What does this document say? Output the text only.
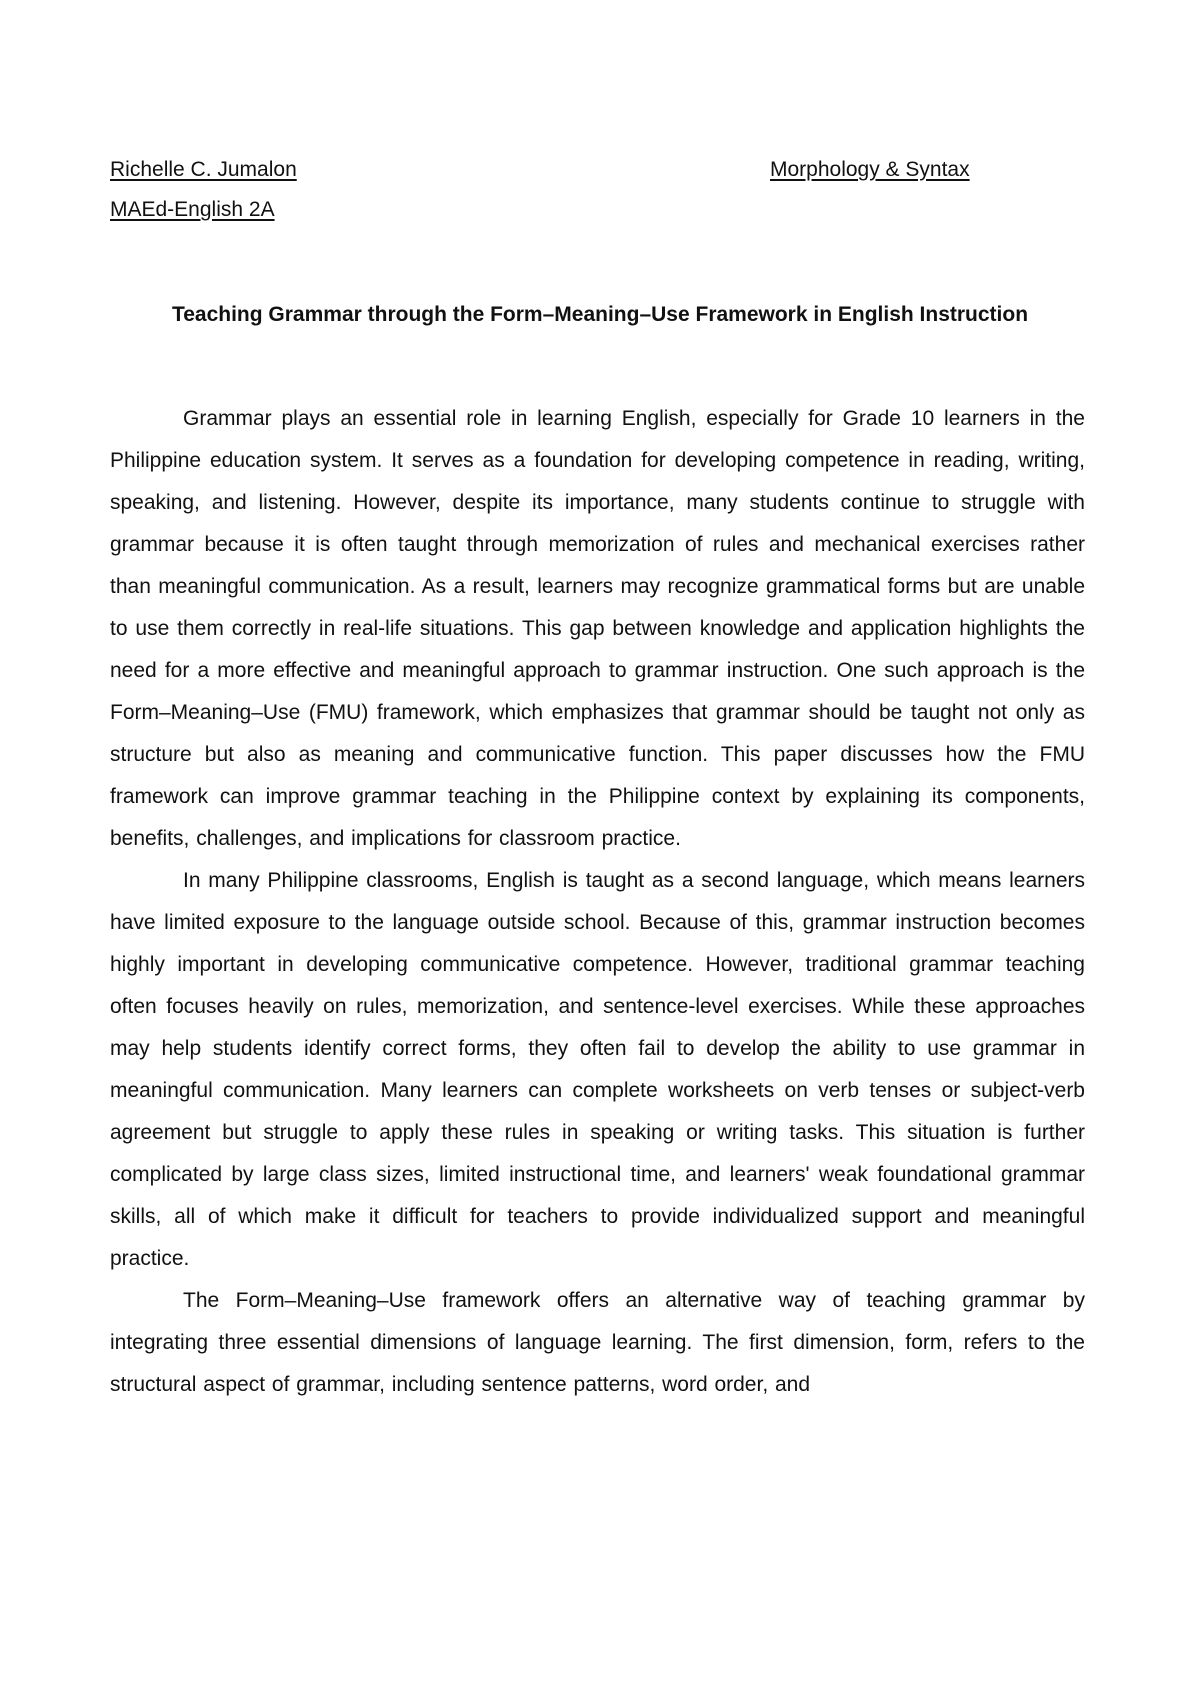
Richelle C. Jumalon	Morphology & Syntax
MAEd-English 2A
Teaching Grammar through the Form–Meaning–Use Framework in English Instruction

Grammar plays an essential role in learning English, especially for Grade 10 learners in the Philippine education system. It serves as a foundation for developing competence in reading, writing, speaking, and listening. However, despite its importance, many students continue to struggle with grammar because it is often taught through memorization of rules and mechanical exercises rather than meaningful communication. As a result, learners may recognize grammatical forms but are unable to use them correctly in real-life situations. This gap between knowledge and application highlights the need for a more effective and meaningful approach to grammar instruction. One such approach is the Form–Meaning–Use (FMU) framework, which emphasizes that grammar should be taught not only as structure but also as meaning and communicative function. This paper discusses how the FMU framework can improve grammar teaching in the Philippine context by explaining its components, benefits, challenges, and implications for classroom practice.

In many Philippine classrooms, English is taught as a second language, which means learners have limited exposure to the language outside school. Because of this, grammar instruction becomes highly important in developing communicative competence. However, traditional grammar teaching often focuses heavily on rules, memorization, and sentence-level exercises. While these approaches may help students identify correct forms, they often fail to develop the ability to use grammar in meaningful communication. Many learners can complete worksheets on verb tenses or subject-verb agreement but struggle to apply these rules in speaking or writing tasks. This situation is further complicated by large class sizes, limited instructional time, and learners' weak foundational grammar skills, all of which make it difficult for teachers to provide individualized support and meaningful practice.

The Form–Meaning–Use framework offers an alternative way of teaching grammar by integrating three essential dimensions of language learning. The first dimension, form, refers to the structural aspect of grammar, including sentence patterns, word order, and
